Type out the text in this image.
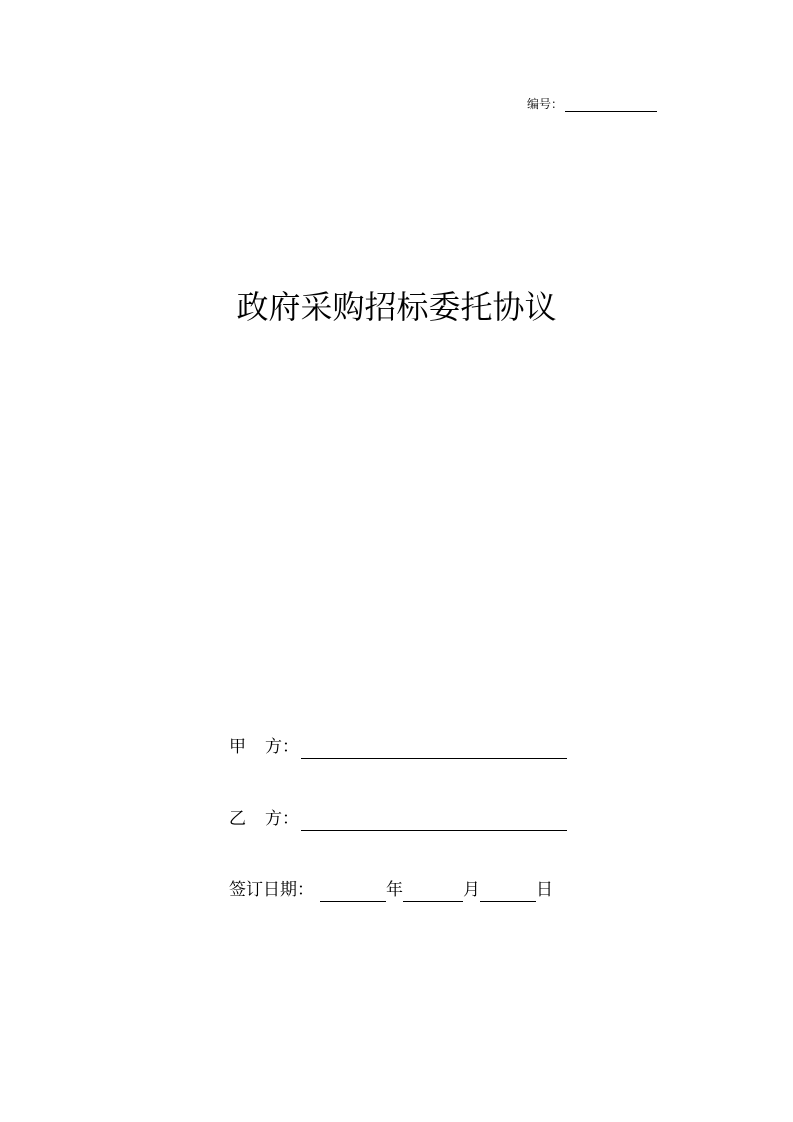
编号：
政府采购招标委托协议
甲	方：
乙	方：
签订日期：	年	月	日
